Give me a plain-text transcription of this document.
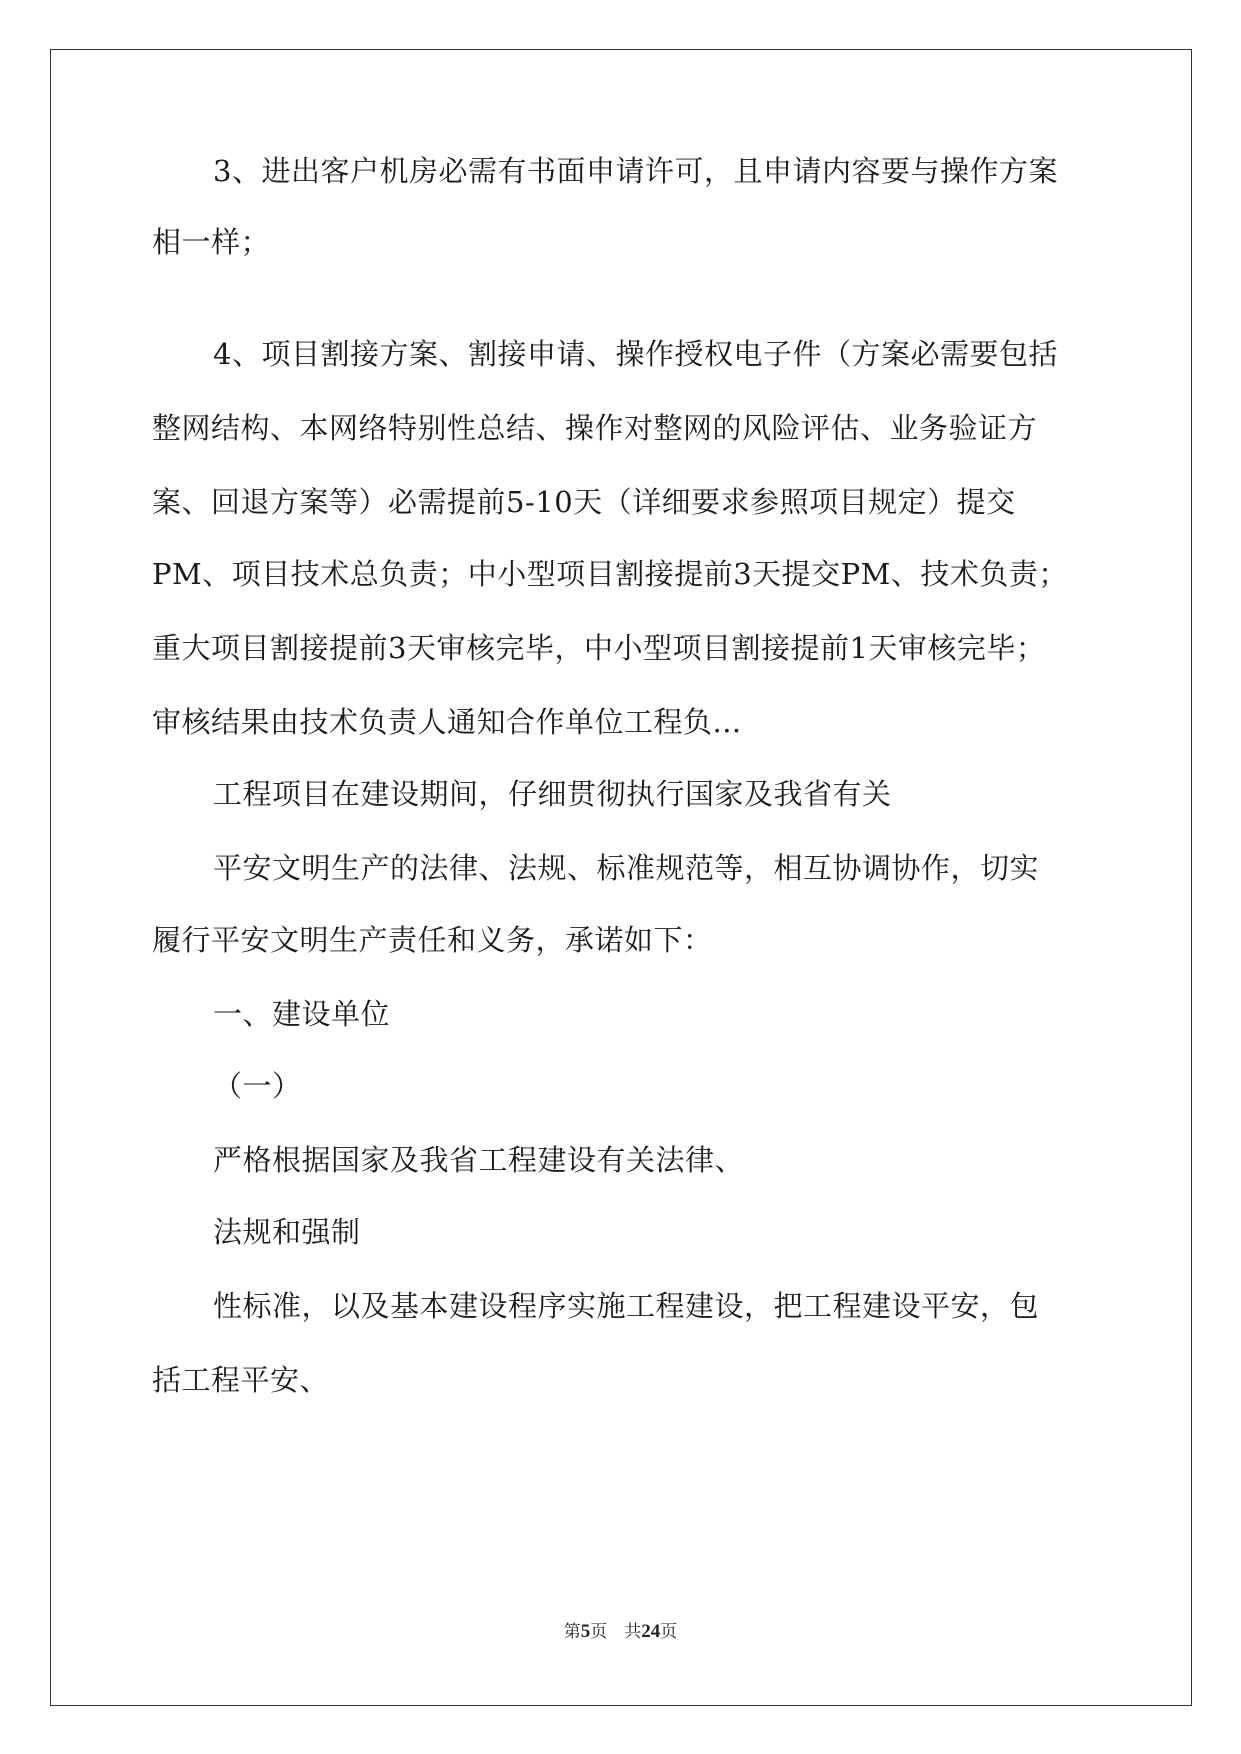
3、进出客户机房必需有书面申请许可，且申请内容要与操作方案
相一样；
4、项目割接方案、割接申请、操作授权电子件（方案必需要包括
整网结构、本网络特别性总结、操作对整网的风险评估、业务验证方
案、回退方案等）必需提前5-10天（详细要求参照项目规定）提交
PM、项目技术总负责；中小型项目割接提前3天提交PM、技术负责；
重大项目割接提前3天审核完毕，中小型项目割接提前1天审核完毕；
审核结果由技术负责人通知合作单位工程负...
工程项目在建设期间，仔细贯彻执行国家及我省有关
平安文明生产的法律、法规、标准规范等，相互协调协作，切实
履行平安文明生产责任和义务，承诺如下：
一、建设单位
（一）
严格根据国家及我省工程建设有关法律、
法规和强制
性标准，以及基本建设程序实施工程建设，把工程建设平安，包
括工程平安、
第5页　共24页
